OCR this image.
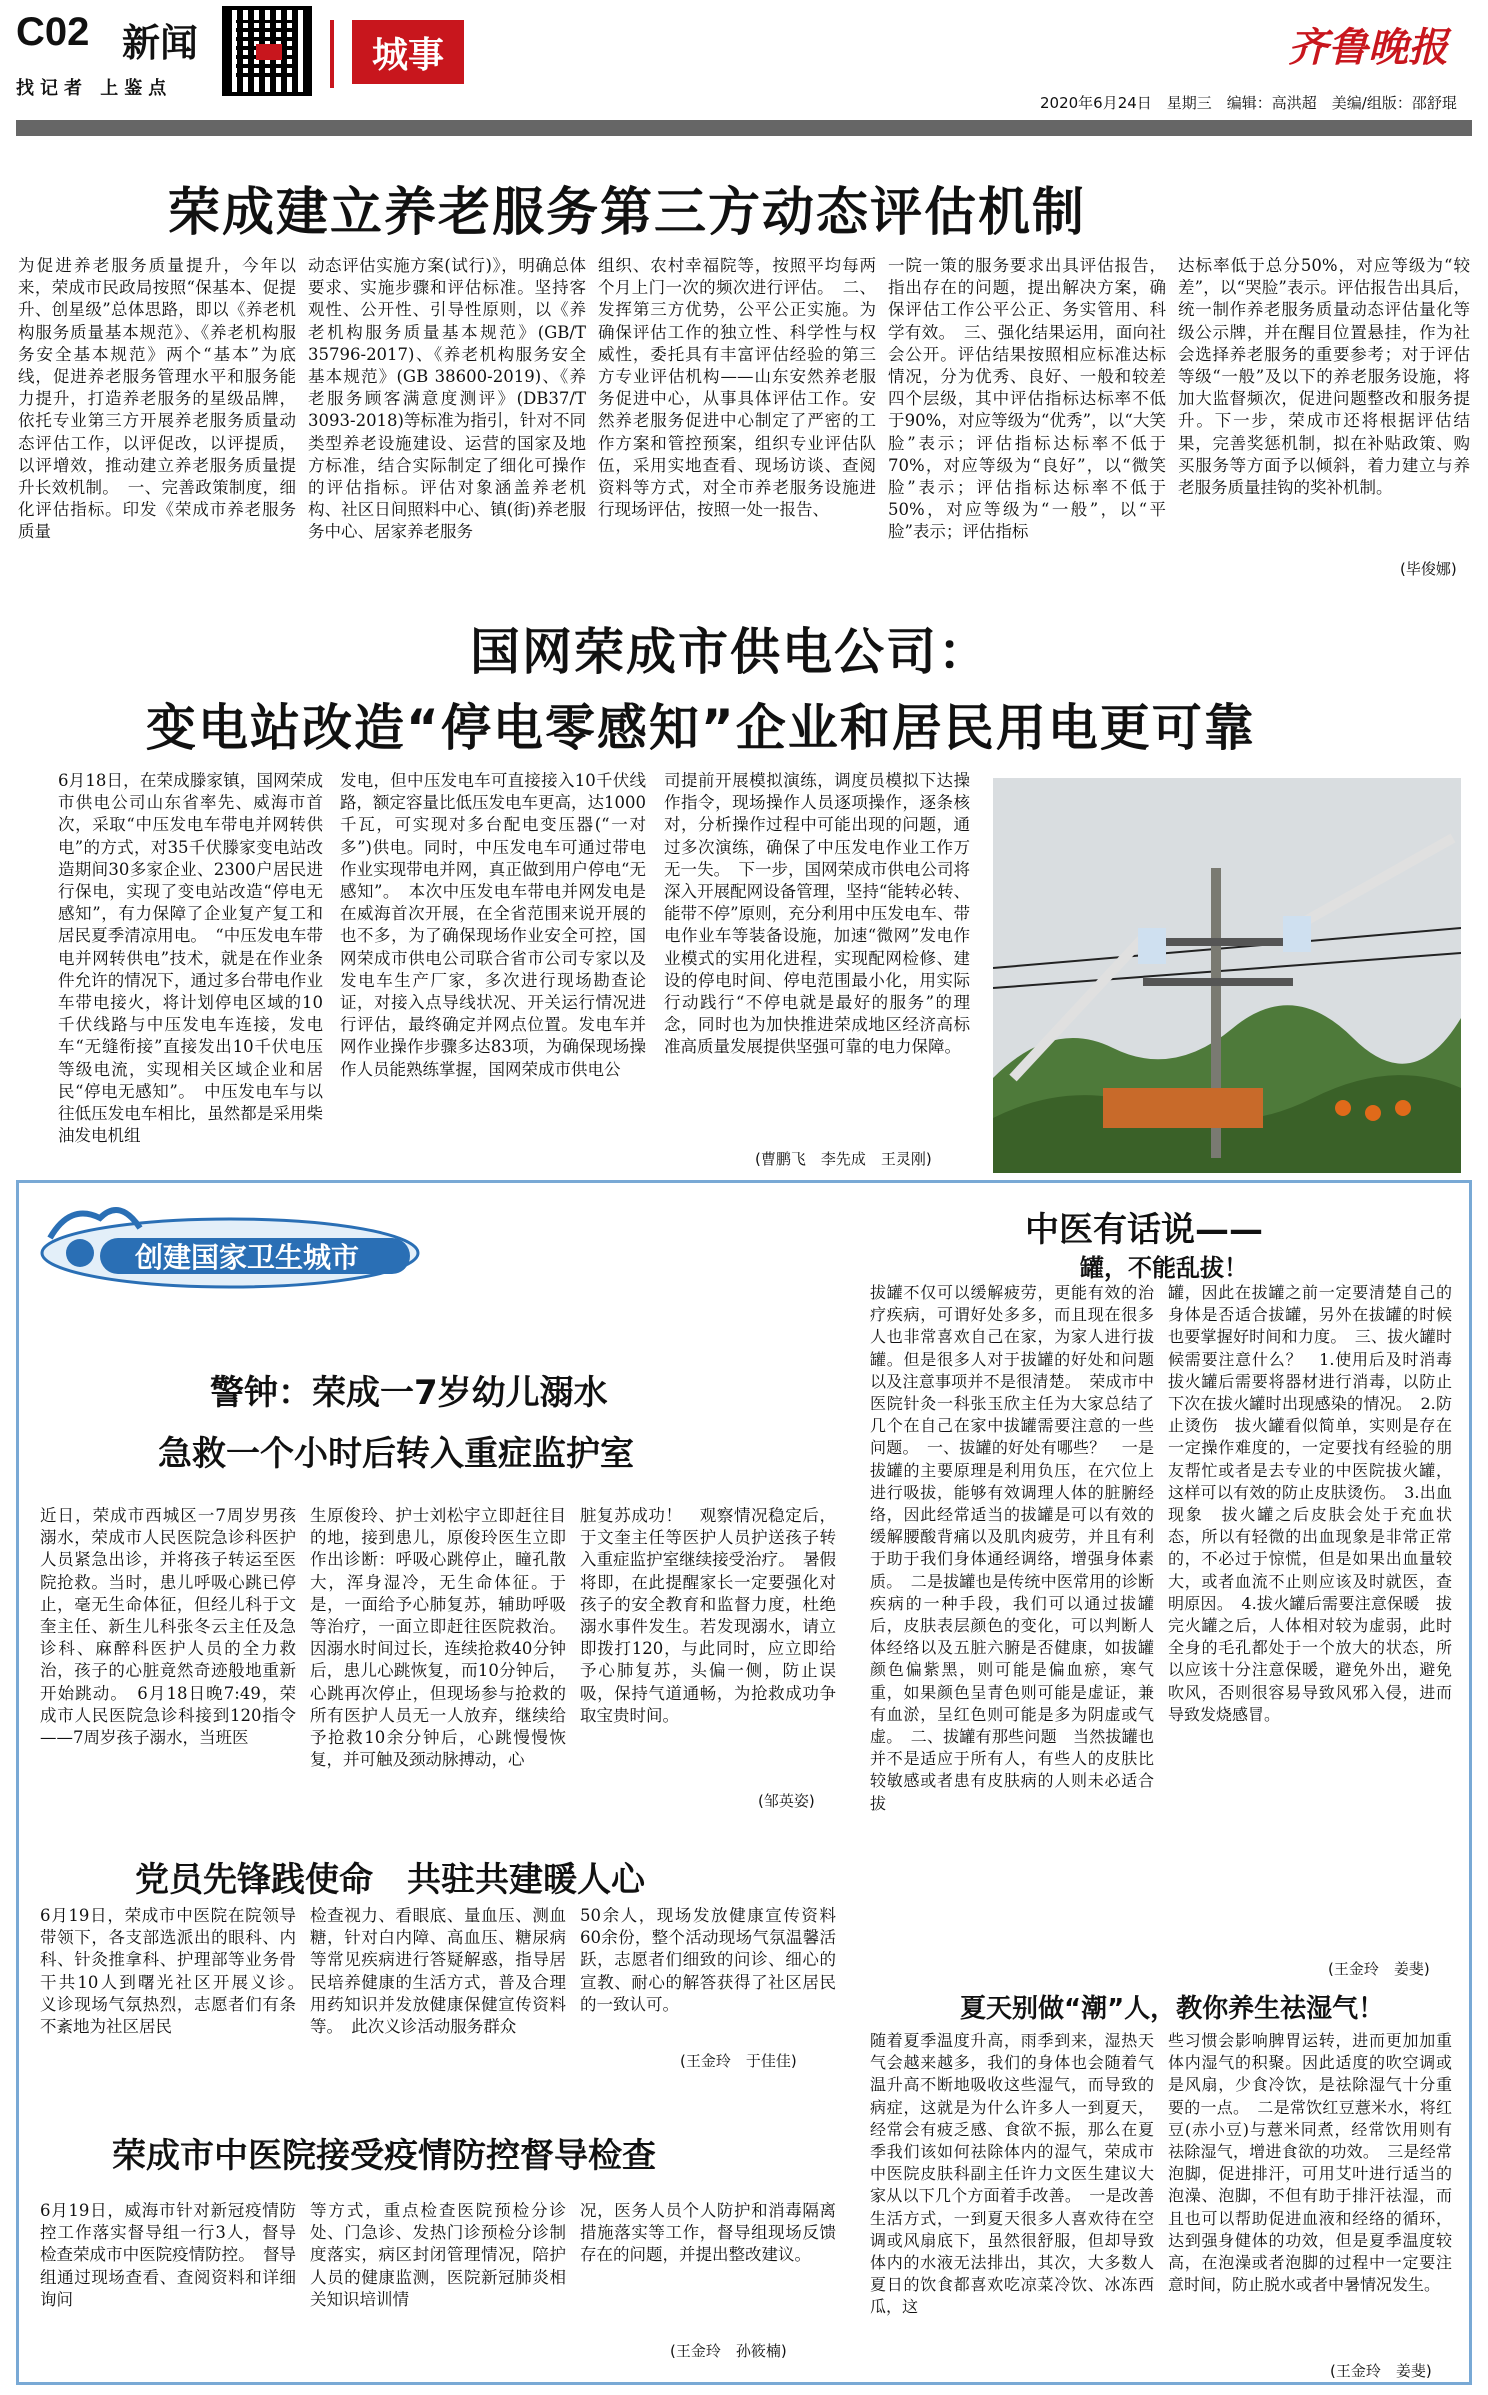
C02 新闻
找记者 上鉴点
城事	齐鲁晚报
2020年6月24日　星期三　编辑：高洪超　美编/组版：邵舒琨
荣成建立养老服务第三方动态评估机制
为促进养老服务质量提升，今年以来，荣成市民政局按照“保基本、促提升、创星级”总体思路，即以《养老机构服务质量基本规范》、《养老机构服务安全基本规范》两个“基本”为底线，促进养老服务管理水平和服务能力提升，打造养老服务的星级品牌，依托专业第三方开展养老服务质量动态评估工作，以评促改，以评提质，以评增效，推动建立养老服务质量提升长效机制。　一、完善政策制度，细化评估指标。印发《荣成市养老服务质量
动态评估实施方案(试行)》，明确总体要求、实施步骤和评估标准。坚持客观性、公开性、引导性原则，以《养老机构服务质量基本规范》(GB/T 35796-2017)、《养老机构服务安全基本规范》(GB 38600-2019)、《养老服务顾客满意度测评》(DB37/T 3093-2018)等标准为指引，针对不同类型养老设施建设、运营的国家及地方标准，结合实际制定了细化可操作的评估指标。评估对象涵盖养老机构、社区日间照料中心、镇(街)养老服务中心、居家养老服务
组织、农村幸福院等，按照平均每两个月上门一次的频次进行评估。　二、发挥第三方优势，公平公正实施。为确保评估工作的独立性、科学性与权威性，委托具有丰富评估经验的第三方专业评估机构——山东安然养老服务促进中心，从事具体评估工作。安然养老服务促进中心制定了严密的工作方案和管控预案，组织专业评估队伍，采用实地查看、现场访谈、查阅资料等方式，对全市养老服务设施进行现场评估，按照一处一报告、
一院一策的服务要求出具评估报告，指出存在的问题，提出解决方案，确保评估工作公平公正、务实管用、科学有效。　三、强化结果运用，面向社会公开。评估结果按照相应标准达标情况，分为优秀、良好、一般和较差四个层级，其中评估指标达标率不低于90%，对应等级为“优秀”，以“大笑脸”表示；评估指标达标率不低于70%，对应等级为“良好”，以“微笑脸”表示；评估指标达标率不低于50%，对应等级为“一般”，以“平脸”表示；评估指标
达标率低于总分50%，对应等级为“较差”，以“哭脸”表示。评估报告出具后，统一制作养老服务质量动态评估量化等级公示牌，并在醒目位置悬挂，作为社会选择养老服务的重要参考；对于评估等级“一般”及以下的养老服务设施，将加大监督频次，促进问题整改和服务提升。下一步，荣成市还将根据评估结果，完善奖惩机制，拟在补贴政策、购买服务等方面予以倾斜，着力建立与养老服务质量挂钩的奖补机制。
(毕俊娜)
国网荣成市供电公司：
变电站改造“停电零感知”企业和居民用电更可靠
6月18日，在荣成滕家镇，国网荣成市供电公司山东省率先、威海市首次，采取“中压发电车带电并网转供电”的方式，对35千伏滕家变电站改造期间30多家企业、2300户居民进行保电，实现了变电站改造“停电无感知”，有力保障了企业复产复工和居民夏季清凉用电。　“中压发电车带电并网转供电”技术，就是在作业条件允许的情况下，通过多台带电作业车带电接火，将计划停电区域的10千伏线路与中压发电车连接，发电车“无缝衔接”直接发出10千伏电压等级电流，实现相关区域企业和居民“停电无感知”。　中压发电车与以往低压发电车相比，虽然都是采用柴油发电机组
发电，但中压发电车可直接接入10千伏线路，额定容量比低压发电车更高，达1000千瓦，可实现对多台配电变压器(“一对多”)供电。同时，中压发电车可通过带电作业实现带电并网，真正做到用户停电“无感知”。　本次中压发电车带电并网发电是在威海首次开展，在全省范围来说开展的也不多，为了确保现场作业安全可控，国网荣成市供电公司联合省市公司专家以及发电车生产厂家，多次进行现场勘查论证，对接入点导线状况、开关运行情况进行评估，最终确定并网点位置。发电车并网作业操作步骤多达83项，为确保现场操作人员能熟练掌握，国网荣成市供电公
司提前开展模拟演练，调度员模拟下达操作指令，现场操作人员逐项操作，逐条核对，分析操作过程中可能出现的问题，通过多次演练，确保了中压发电作业工作万无一失。　下一步，国网荣成市供电公司将深入开展配网设备管理，坚持“能转必转、能带不停”原则，充分利用中压发电车、带电作业车等装备设施，加速“微网”发电作业模式的实用化进程，实现配网检修、建设的停电时间、停电范围最小化，用实际行动践行“不停电就是最好的服务”的理念，同时也为加快推进荣成地区经济高标准高质量发展提供坚强可靠的电力保障。
(曹鹏飞　李先成　王灵刚)
创建国家卫生城市
警钟：荣成一7岁幼儿溺水
急救一个小时后转入重症监护室
近日，荣成市西城区一7周岁男孩溺水，荣成市人民医院急诊科医护人员紧急出诊，并将孩子转运至医院抢救。当时，患儿呼吸心跳已停止，毫无生命体征，但经儿科于文奎主任、新生儿科张冬云主任及急诊科、麻醉科医护人员的全力救治，孩子的心脏竟然奇迹般地重新开始跳动。　6月18日晚7:49，荣成市人民医院急诊科接到120指令——7周岁孩子溺水，当班医
生原俊玲、护士刘松宇立即赶往目的地，接到患儿，原俊玲医生立即作出诊断：呼吸心跳停止，瞳孔散大，浑身湿冷，无生命体征。于是，一面给予心肺复苏，辅助呼吸等治疗，一面立即赶往医院救治。因溺水时间过长，连续抢救40分钟后，患儿心跳恢复，而10分钟后，心跳再次停止，但现场参与抢救的所有医护人员无一人放弃，继续给予抢救10余分钟后，心跳慢慢恢复，并可触及颈动脉搏动，心
脏复苏成功！　观察情况稳定后，于文奎主任等医护人员护送孩子转入重症监护室继续接受治疗。　暑假将即，在此提醒家长一定要强化对孩子的安全教育和监督力度，杜绝溺水事件发生。若发现溺水，请立即拨打120，与此同时，应立即给予心肺复苏，头偏一侧，防止误吸，保持气道通畅，为抢救成功争取宝贵时间。
(邹英姿)
党员先锋践使命　共驻共建暖人心
6月19日，荣成市中医院在院领导带领下，各支部选派出的眼科、内科、针灸推拿科、护理部等业务骨干共10人到曙光社区开展义诊。　义诊现场气氛热烈，志愿者们有条不紊地为社区居民
检查视力、看眼底、量血压、测血糖，针对白内障、高血压、糖尿病等常见疾病进行答疑解惑，指导居民培养健康的生活方式，普及合理用药知识并发放健康保健宣传资料等。　此次义诊活动服务群众
50余人，现场发放健康宣传资料60余份，整个活动现场气氛温馨活跃，志愿者们细致的问诊、细心的宣教、耐心的解答获得了社区居民的一致认可。
(王金玲　于佳佳)
荣成市中医院接受疫情防控督导检查
6月19日，威海市针对新冠疫情防控工作落实督导组一行3人，督导检查荣成市中医院疫情防控。　督导组通过现场查看、查阅资料和详细询问
等方式，重点检查医院预检分诊处、门急诊、发热门诊预检分诊制度落实，病区封闭管理情况，陪护人员的健康监测，医院新冠肺炎相关知识培训情
况，医务人员个人防护和消毒隔离措施落实等工作，督导组现场反馈存在的问题，并提出整改建议。
(王金玲　孙筱楠)
中医有话说——
罐，不能乱拔！
拔罐不仅可以缓解疲劳，更能有效的治疗疾病，可谓好处多多，而且现在很多人也非常喜欢自己在家，为家人进行拔罐。但是很多人对于拔罐的好处和问题以及注意事项并不是很清楚。　荣成市中医院针灸一科张玉欣主任为大家总结了几个在自己在家中拔罐需要注意的一些问题。　一、拔罐的好处有哪些？　一是拔罐的主要原理是利用负压，在穴位上进行吸拔，能够有效调理人体的脏腑经络，因此经常适当的拔罐是可以有效的缓解腰酸背痛以及肌肉疲劳，并且有利于助于我们身体通经调络，增强身体素质。　二是拔罐也是传统中医常用的诊断疾病的一种手段，我们可以通过拔罐后，皮肤表层颜色的变化，可以判断人体经络以及五脏六腑是否健康，如拔罐颜色偏紫黑，则可能是偏血瘀，寒气重，如果颜色呈青色则可能是虚证，兼有血淤，呈红色则可能是多为阴虚或气虚。　二、拔罐有那些问题　当然拔罐也并不是适应于所有人，有些人的皮肤比较敏感或者患有皮肤病的人则未必适合拔
罐，因此在拔罐之前一定要清楚自己的身体是否适合拔罐，另外在拔罐的时候也要掌握好时间和力度。　三、拔火罐时候需要注意什么？　1.使用后及时消毒　拔火罐后需要将器材进行消毒，以防止下次在拔火罐时出现感染的情况。　2.防止烫伤　拔火罐看似简单，实则是存在一定操作难度的，一定要找有经验的朋友帮忙或者是去专业的中医院拔火罐，这样可以有效的防止皮肤烫伤。　3.出血现象　拔火罐之后皮肤会处于充血状态，所以有轻微的出血现象是非常正常的，不必过于惊慌，但是如果出血量较大，或者血流不止则应该及时就医，查明原因。　4.拔火罐后需要注意保暖　拔完火罐之后，人体相对较为虚弱，此时全身的毛孔都处于一个放大的状态，所以应该十分注意保暖，避免外出，避免吹风，否则很容易导致风邪入侵，进而导致发烧感冒。
(王金玲　姜斐)
夏天别做“潮”人，教你养生祛湿气！
随着夏季温度升高，雨季到来，湿热天气会越来越多，我们的身体也会随着气温升高不断地吸收这些湿气，而导致的病症，这就是为什么许多人一到夏天，经常会有疲乏感、食欲不振，那么在夏季我们该如何祛除体内的湿气，荣成市中医院皮肤科副主任许力文医生建议大家从以下几个方面着手改善。　一是改善生活方式，一到夏天很多人喜欢待在空调或风扇底下，虽然很舒服，但却导致体内的水液无法排出，其次，大多数人夏日的饮食都喜欢吃凉菜冷饮、冰冻西瓜，这
些习惯会影响脾胃运转，进而更加加重体内湿气的积聚。因此适度的吹空调或是风扇，少食冷饮，是祛除湿气十分重要的一点。　二是常饮红豆薏米水，将红豆(赤小豆)与薏米同煮，经常饮用则有祛除湿气，增进食欲的功效。　三是经常泡脚，促进排汗，可用艾叶进行适当的泡澡、泡脚，不但有助于排汗祛湿，而且也可以帮助促进血液和经络的循环，达到强身健体的功效，但是夏季温度较高，在泡澡或者泡脚的过程中一定要注意时间，防止脱水或者中暑情况发生。
(王金玲　姜斐)
